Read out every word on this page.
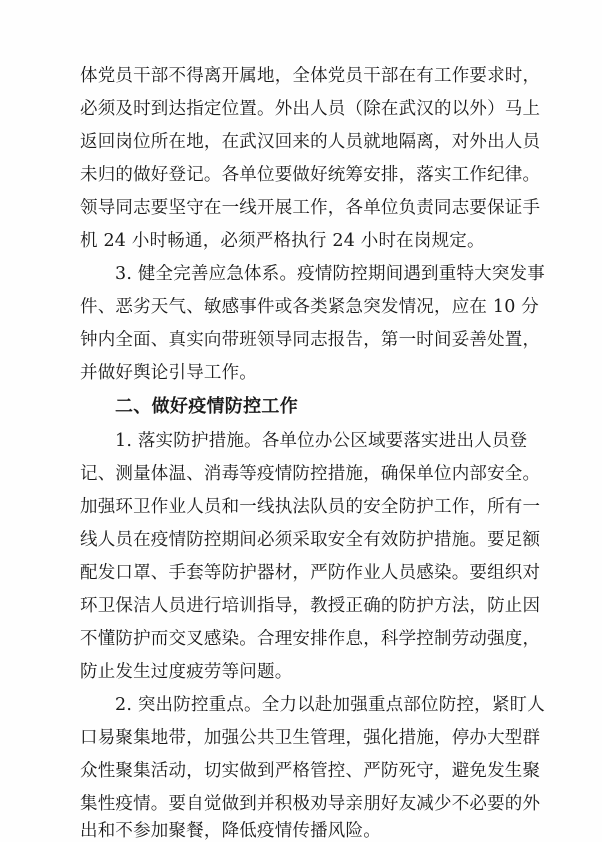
体党员干部不得离开属地，全体党员干部在有工作要求时，
必须及时到达指定位置。外出人员（除在武汉的以外）马上
返回岗位所在地，在武汉回来的人员就地隔离，对外出人员
未归的做好登记。各单位要做好统筹安排，落实工作纪律。
领导同志要坚守在一线开展工作，各单位负责同志要保证手
机 24 小时畅通，必须严格执行 24 小时在岗规定。
3. 健全完善应急体系。疫情防控期间遇到重特大突发事
件、恶劣天气、敏感事件或各类紧急突发情况，应在 10 分
钟内全面、真实向带班领导同志报告，第一时间妥善处置，
并做好舆论引导工作。
二、做好疫情防控工作
1. 落实防护措施。各单位办公区域要落实进出人员登
记、测量体温、消毒等疫情防控措施，确保单位内部安全。
加强环卫作业人员和一线执法队员的安全防护工作，所有一
线人员在疫情防控期间必须采取安全有效防护措施。要足额
配发口罩、手套等防护器材，严防作业人员感染。要组织对
环卫保洁人员进行培训指导，教授正确的防护方法，防止因
不懂防护而交叉感染。合理安排作息，科学控制劳动强度，
防止发生过度疲劳等问题。
2. 突出防控重点。全力以赴加强重点部位防控，紧盯人
口易聚集地带，加强公共卫生管理，强化措施，停办大型群
众性聚集活动，切实做到严格管控、严防死守，避免发生聚
集性疫情。要自觉做到并积极劝导亲朋好友减少不必要的外
出和不参加聚餐，降低疫情传播风险。
